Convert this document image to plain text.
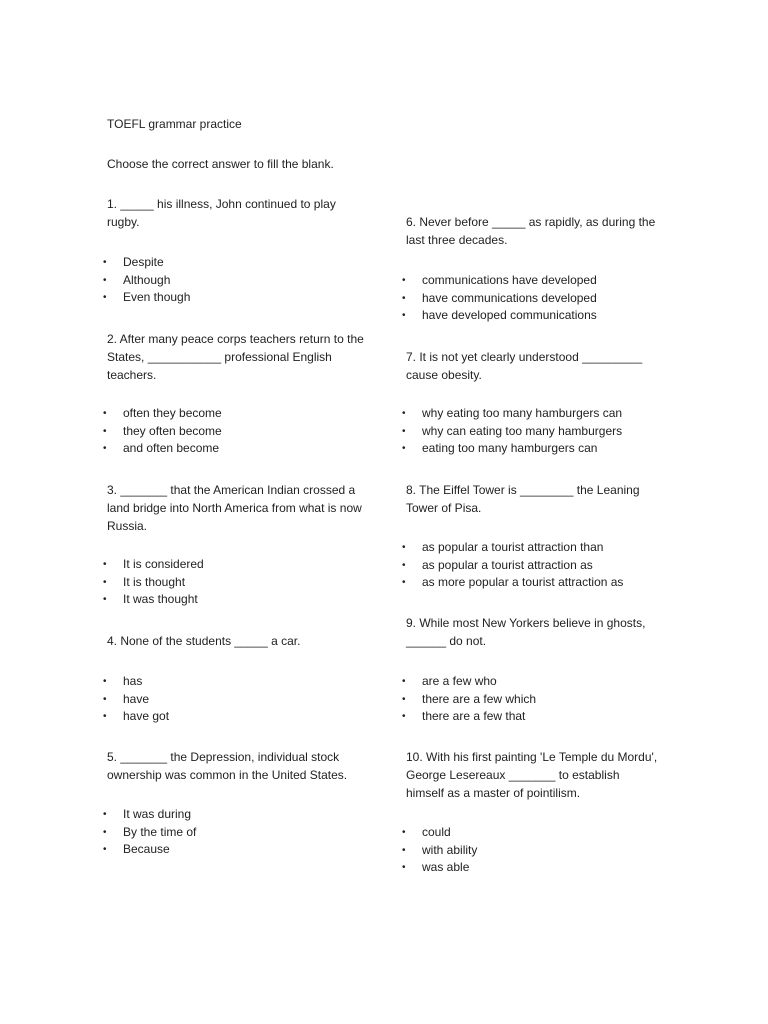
TOEFL grammar practice
Choose the correct answer to fill the blank.
1. _____ his illness, John continued to play rugby.
• Despite
• Although
• Even though
2. After many peace corps teachers return to the States, ___________ professional English teachers.
• often they become
• they often become
• and often become
3. _______ that the American Indian crossed a land bridge into North America from what is now Russia.
• It is considered
• It is thought
• It was thought
4. None of the students _____ a car.
• has
• have
• have got
5. _______ the Depression, individual stock ownership was common in the United States.
• It was during
• By the time of
• Because
6. Never before _____ as rapidly, as during the last three decades.
• communications have developed
• have communications developed
• have developed communications
7. It is not yet clearly understood _________ cause obesity.
• why eating too many hamburgers can
• why can eating too many hamburgers
• eating too many hamburgers can
8. The Eiffel Tower is ________ the Leaning Tower of Pisa.
• as popular a tourist attraction than
• as popular a tourist attraction as
• as more popular a tourist attraction as
9. While most New Yorkers believe in ghosts, ______ do not.
• are a few who
• there are a few which
• there are a few that
10. With his first painting 'Le Temple du Mordu', George Lesereaux _______ to establish himself as a master of pointilism.
• could
• with ability
• was able
